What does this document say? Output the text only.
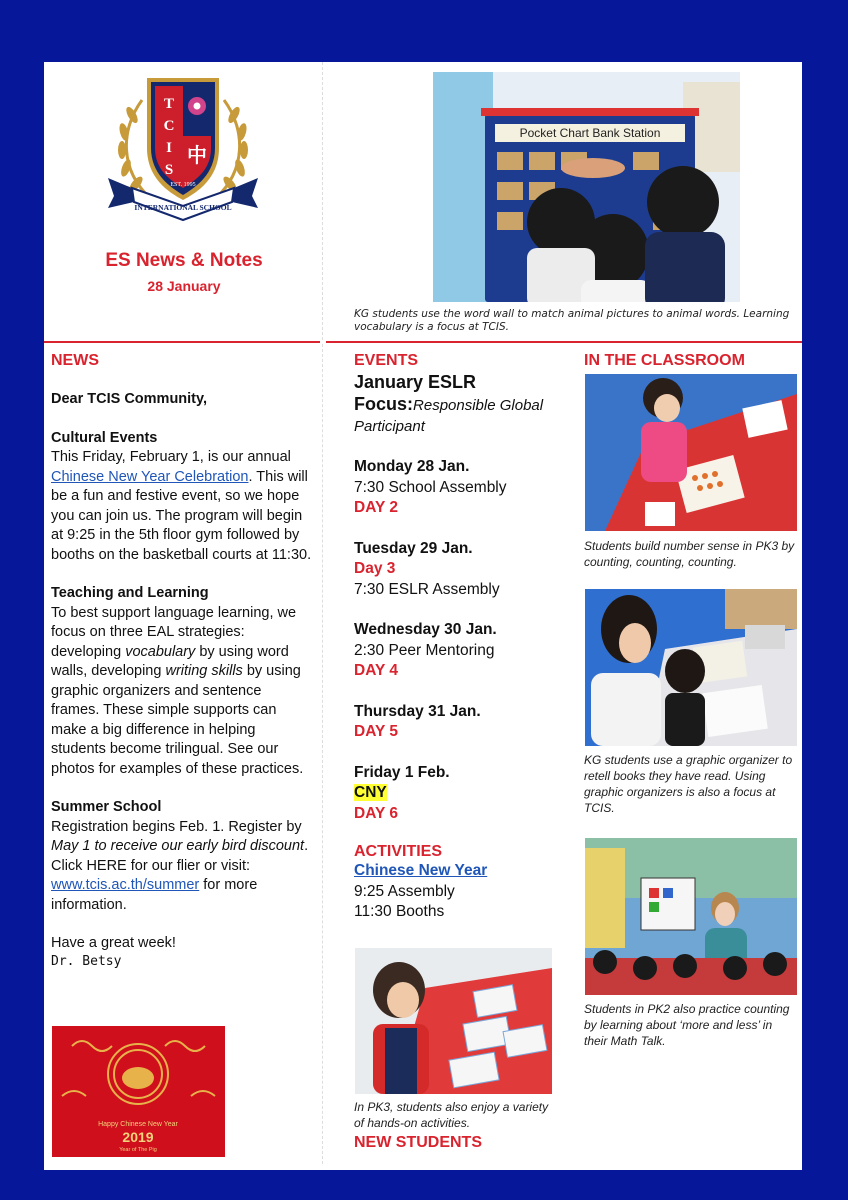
中
T
C
I
S
EST. 1995
INTERNATIONAL SCHOOL
ES News & Notes
28 January
Pocket Chart Bank Station
KG students use the word wall to match animal pictures to animal words. Learning vocabulary is a focus at TCIS.
NEWS

Dear TCIS Community,

Cultural Events

This Friday, February 1, is our annual Chinese New Year Celebration. This will be a fun and festive event, so we hope you can join us. The program will begin at 9:25 in the 5th floor gym followed by booths on the basketball courts at 11:30.

Teaching and Learning

To best support language learning, we focus on three EAL strategies: developing vocabulary by using word walls, developing writing skills by using graphic organizers and sentence frames. These simple supports can make a big difference in helping students become trilingual. See our photos for examples of these practices.

Summer School

Registration begins Feb. 1. Register by May 1 to receive our early bird discount. Click HERE for our flier or visit: www.tcis.ac.th/summer for more information.

Have a great week!

Dr. Betsy

Happy Chinese New Year
2019
Year of The Pig
EVENTS
January ESLR
Focus:Responsible Global Participant
Monday 28 Jan.
7:30 School Assembly
DAY 2
Tuesday 29 Jan.
Day 3
7:30 ESLR Assembly
Wednesday 30 Jan.
2:30 Peer Mentoring
DAY 4
Thursday 31 Jan.
DAY 5
Friday 1 Feb.
CNY
DAY 6
ACTIVITIES
Chinese New Year
9:25 Assembly
11:30 Booths
In PK3, students also enjoy a variety of hands-on activities.
NEW STUDENTS
IN THE CLASSROOM
Students build number sense in PK3 by counting, counting, counting.
KG students use a graphic organizer to retell books they have read. Using graphic organizers is also a focus at TCIS.
Students in PK2 also practice counting by learning about ‘more and less’ in their Math Talk.
